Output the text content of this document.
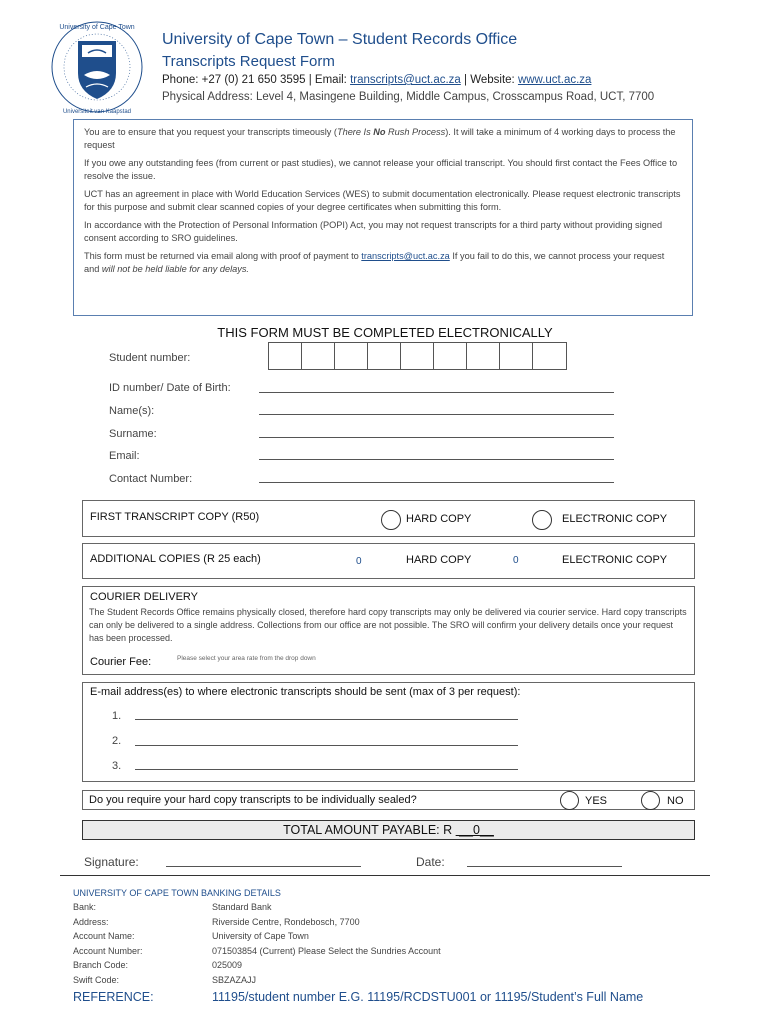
University of Cape Town
Universiteit van Kaapstad
University of Cape Town – Student Records Office
Transcripts Request Form
Phone: +27 (0) 21 650 3595 | Email: transcripts@uct.ac.za | Website: www.uct.ac.za
Physical Address: Level 4, Masingene Building, Middle Campus, Crosscampus Road, UCT, 7700

You are to ensure that you request your transcripts timeously (There Is No Rush Process). It will take a minimum of 4 working days to process the request

If you owe any outstanding fees (from current or past studies), we cannot release your official transcript. You should first contact the Fees Office to resolve the issue.

UCT has an agreement in place with World Education Services (WES) to submit documentation electronically. Please request electronic transcripts for this purpose and submit clear scanned copies of your degree certificates when submitting this form.

In accordance with the Protection of Personal Information (POPI) Act, you may not request transcripts for a third party without providing signed consent according to SRO guidelines.

This form must be returned via email along with proof of payment to transcripts@uct.ac.za If you fail to do this, we cannot process your request and will not be held liable for any delays.

THIS FORM MUST BE COMPLETED ELECTRONICALLY
Student number:
ID number/ Date of Birth:
Name(s):
Surname:
Email:
Contact Number:
FIRST TRANSCRIPT COPY (R50)	HARD COPY	ELECTRONIC COPY
ADDITIONAL COPIES (R 25 each)	0	HARD COPY	0	ELECTRONIC COPY
COURIER DELIVERY
The Student Records Office remains physically closed, therefore hard copy transcripts may only be delivered via courier service. Hard copy transcripts can only be delivered to a single address. Collections from our office are not possible. The SRO will confirm your delivery details once your request has been processed.
Courier Fee:	Please select your area rate from the drop down
E-mail address(es) to where electronic transcripts should be sent (max of 3 per request):
1.
2.
3.
Do you require your hard copy transcripts to be individually sealed?	YES	NO
TOTAL AMOUNT PAYABLE: R  __0__
Signature:	Date:
UNIVERSITY OF CAPE TOWN BANKING DETAILS
Bank:	Standard Bank
Address:	Riverside Centre, Rondebosch, 7700
Account Name:	University of Cape Town
Account Number:	071503854 (Current) Please Select the Sundries Account
Branch Code:	025009
Swift Code:	SBZAZAJJ
REFERENCE:	11195/student number E.G. 11195/RCDSTU001 or 11195/Student’s Full Name
